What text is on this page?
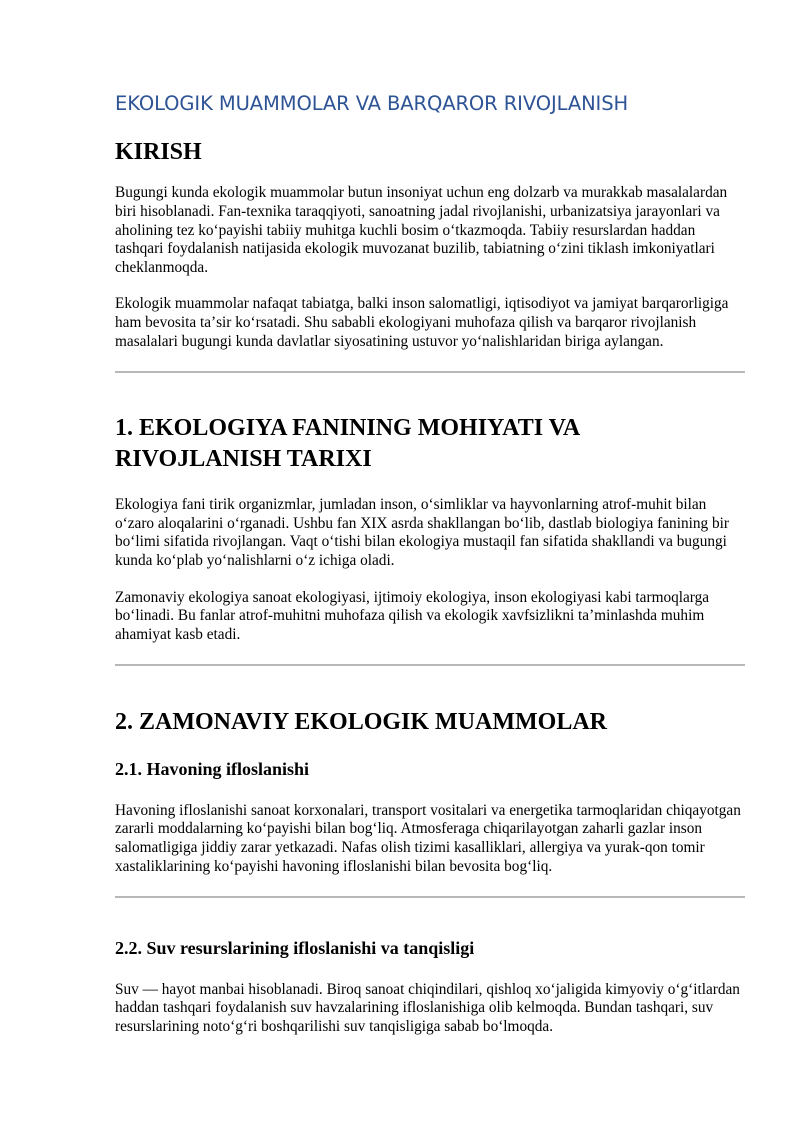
EKOLOGIK MUAMMOLAR VA BARQAROR RIVOJLANISH
KIRISH

Bugungi kunda ekologik muammolar butun insoniyat uchun eng dolzarb va murakkab masalalardan biri hisoblanadi. Fan-texnika taraqqiyoti, sanoatning jadal rivojlanishi, urbanizatsiya jarayonlari va aholining tez koʻpayishi tabiiy muhitga kuchli bosim oʻtkazmoqda. Tabiiy resurslardan haddan tashqari foydalanish natijasida ekologik muvozanat buzilib, tabiatning oʻzini tiklash imkoniyatlari cheklanmoqda.

Ekologik muammolar nafaqat tabiatga, balki inson salomatligi, iqtisodiyot va jamiyat barqarorligiga ham bevosita taʼsir koʻrsatadi. Shu sababli ekologiyani muhofaza qilish va barqaror rivojlanish masalalari bugungi kunda davlatlar siyosatining ustuvor yoʻnalishlaridan biriga aylangan.

1. EKOLOGIYA FANINING MOHIYATI VA RIVOJLANISH TARIXI

Ekologiya fani tirik organizmlar, jumladan inson, oʻsimliklar va hayvonlarning atrof-muhit bilan oʻzaro aloqalarini oʻrganadi. Ushbu fan XIX asrda shakllangan boʻlib, dastlab biologiya fanining bir boʻlimi sifatida rivojlangan. Vaqt oʻtishi bilan ekologiya mustaqil fan sifatida shakllandi va bugungi kunda koʻplab yoʻnalishlarni oʻz ichiga oladi.

Zamonaviy ekologiya sanoat ekologiyasi, ijtimoiy ekologiya, inson ekologiyasi kabi tarmoqlarga boʻlinadi. Bu fanlar atrof-muhitni muhofaza qilish va ekologik xavfsizlikni taʼminlashda muhim ahamiyat kasb etadi.

2. ZAMONAVIY EKOLOGIK MUAMMOLAR
2.1. Havoning ifloslanishi

Havoning ifloslanishi sanoat korxonalari, transport vositalari va energetika tarmoqlaridan chiqayotgan zararli moddalarning koʻpayishi bilan bogʻliq. Atmosferaga chiqarilayotgan zaharli gazlar inson salomatligiga jiddiy zarar yetkazadi. Nafas olish tizimi kasalliklari, allergiya va yurak-qon tomir xastaliklarining koʻpayishi havoning ifloslanishi bilan bevosita bogʻliq.

2.2. Suv resurslarining ifloslanishi va tanqisligi

Suv — hayot manbai hisoblanadi. Biroq sanoat chiqindilari, qishloq xoʻjaligida kimyoviy oʻgʻitlardan haddan tashqari foydalanish suv havzalarining ifloslanishiga olib kelmoqda. Bundan tashqari, suv resurslarining notoʻgʻri boshqarilishi suv tanqisligiga sabab boʻlmoqda.
